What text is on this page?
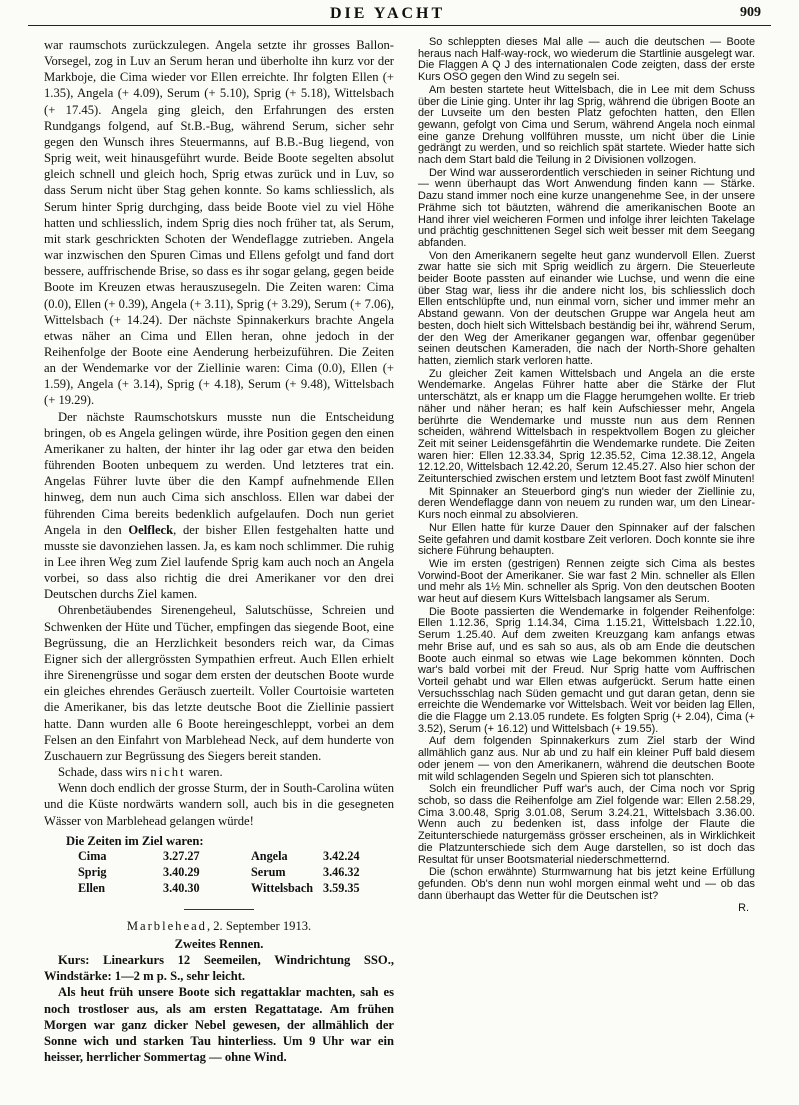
DIE YACHT	909

war raumschots zurückzulegen. Angela setzte ihr grosses Ballon-Vorsegel, zog in Luv an Serum heran und überholte ihn kurz vor der Markboje, die Cima wieder vor Ellen erreichte. Ihr folgten Ellen (+ 1.35), Angela (+ 4.09), Serum (+ 5.10), Sprig (+ 5.18), Wittelsbach (+ 17.45). Angela ging gleich, den Erfahrungen des ersten Rundgangs folgend, auf St.B.-Bug, während Serum, sicher sehr gegen den Wunsch ihres Steuermanns, auf B.B.-Bug liegend, von Sprig weit, weit hinausgeführt wurde. Beide Boote segelten absolut gleich schnell und gleich hoch, Sprig etwas zurück und in Luv, so dass Serum nicht über Stag gehen konnte. So kams schliesslich, als Serum hinter Sprig durchging, dass beide Boote viel zu viel Höhe hatten und schliesslich, indem Sprig dies noch früher tat, als Serum, mit stark geschrickten Schoten der Wendeflagge zutrieben. Angela war inzwischen den Spuren Cimas und Ellens gefolgt und fand dort bessere, auffrischende Brise, so dass es ihr sogar gelang, gegen beide Boote im Kreuzen etwas herauszusegeln. Die Zeiten waren: Cima (0.0), Ellen (+ 0.39), Angela (+ 3.11), Sprig (+ 3.29), Serum (+ 7.06), Wittelsbach (+ 14.24). Der nächste Spinnakerkurs brachte Angela etwas näher an Cima und Ellen heran, ohne jedoch in der Reihenfolge der Boote eine Aenderung herbeizuführen. Die Zeiten an der Wendemarke vor der Ziellinie waren: Cima (0.0), Ellen (+ 1.59), Angela (+ 3.14), Sprig (+ 4.18), Serum (+ 9.48), Wittelsbach (+ 19.29).

Der nächste Raumschotskurs musste nun die Entscheidung bringen, ob es Angela gelingen würde, ihre Position gegen den einen Amerikaner zu halten, der hinter ihr lag oder gar etwa den beiden führenden Booten unbequem zu werden. Und letzteres trat ein. Angelas Führer luvte über die den Kampf aufnehmende Ellen hinweg, dem nun auch Cima sich anschloss. Ellen war dabei der führenden Cima bereits bedenklich aufgelaufen. Doch nun geriet Angela in den Oelfleck, der bisher Ellen festgehalten hatte und musste sie davonziehen lassen. Ja, es kam noch schlimmer. Die ruhig in Lee ihren Weg zum Ziel laufende Sprig kam auch noch an Angela vorbei, so dass also richtig die drei Amerikaner vor den drei Deutschen durchs Ziel kamen.

Ohrenbetäubendes Sirenengeheul, Salutschüsse, Schreien und Schwenken der Hüte und Tücher, empfingen das siegende Boot, eine Begrüssung, die an Herzlichkeit besonders reich war, da Cimas Eigner sich der allergrössten Sympathien erfreut. Auch Ellen erhielt ihre Sirenengrüsse und sogar dem ersten der deutschen Boote wurde ein gleiches ehrendes Geräusch zuerteilt. Voller Courtoisie warteten die Amerikaner, bis das letzte deutsche Boot die Ziellinie passiert hatte. Dann wurden alle 6 Boote hereingeschleppt, vorbei an dem Felsen an den Einfahrt von Marblehead Neck, auf dem hunderte von Zuschauern zur Begrüssung des Siegers bereit standen.

Schade, dass wirs nicht waren.

Wenn doch endlich der grosse Sturm, der in South-Carolina wüten und die Küste nordwärts wandern soll, auch bis in die gesegneten Wässer von Marblehead gelangen würde!

Die Zeiten im Ziel waren:
Cima	3.27.27	Angela	3.42.24
Sprig	3.40.29	Serum	3.46.32
Ellen	3.40.30	Wittelsbach	3.59.35
Marblehead, 2. September 1913.
Zweites Rennen.

Kurs: Linearkurs 12 Seemeilen, Windrichtung SSO., Windstärke: 1—2 m p. S., sehr leicht.

Als heut früh unsere Boote sich regattaklar machten, sah es noch trostloser aus, als am ersten Regattatage. Am frühen Morgen war ganz dicker Nebel gewesen, der allmählich der Sonne wich und starken Tau hinterliess. Um 9 Uhr war ein heisser, herrlicher Sommertag — ohne Wind.

So schleppten dieses Mal alle — auch die deutschen — Boote heraus nach Half-way-rock, wo wiederum die Startlinie ausgelegt war. Die Flaggen A Q J des internationalen Code zeigten, dass der erste Kurs OSO gegen den Wind zu segeln sei.

Am besten startete heut Wittelsbach, die in Lee mit dem Schuss über die Linie ging. Unter ihr lag Sprig, während die übrigen Boote an der Luvseite um den besten Platz gefochten hatten, den Ellen gewann, gefolgt von Cima und Serum, während Angela noch einmal eine ganze Drehung vollführen musste, um nicht über die Linie gedrängt zu werden, und so reichlich spät startete. Wieder hatte sich nach dem Start bald die Teilung in 2 Divisionen vollzogen.

Der Wind war ausserordentlich verschieden in seiner Richtung und — wenn überhaupt das Wort Anwendung finden kann — Stärke. Dazu stand immer noch eine kurze unangenehme See, in der unsere Prähme sich tot bäutzten, während die amerikanischen Boote an Hand ihrer viel weicheren Formen und infolge ihrer leichten Takelage und prächtig geschnittenen Segel sich weit besser mit dem Seegang abfanden.

Von den Amerikanern segelte heut ganz wundervoll Ellen. Zuerst zwar hatte sie sich mit Sprig weidlich zu ärgern. Die Steuerleute beider Boote passten auf einander wie Luchse, und wenn die eine über Stag war, liess ihr die andere nicht los, bis schliesslich doch Ellen entschlüpfte und, nun einmal vorn, sicher und immer mehr an Abstand gewann. Von der deutschen Gruppe war Angela heut am besten, doch hielt sich Wittelsbach beständig bei ihr, während Serum, der den Weg der Amerikaner gegangen war, offenbar gegenüber seinen deutschen Kameraden, die nach der North-Shore gehalten hatten, ziemlich stark verloren hatte.

Zu gleicher Zeit kamen Wittelsbach und Angela an die erste Wendemarke. Angelas Führer hatte aber die Stärke der Flut unterschätzt, als er knapp um die Flagge herumgehen wollte. Er trieb näher und näher heran; es half kein Aufschiesser mehr, Angela berührte die Wendemarke und musste nun aus dem Rennen scheiden, während Wittelsbach in respektvollem Bogen zu gleicher Zeit mit seiner Leidensgefährtin die Wendemarke rundete. Die Zeiten waren hier: Ellen 12.33.34, Sprig 12.35.52, Cima 12.38.12, Angela 12.12.20, Wittelsbach 12.42.20, Serum 12.45.27. Also hier schon der Zeitunterschied zwischen erstem und letztem Boot fast zwölf Minuten!

Mit Spinnaker an Steuerbord ging's nun wieder der Ziellinie zu, deren Wendeflagge dann von neuem zu runden war, um den Linear-Kurs noch einmal zu absolvieren.

Nur Ellen hatte für kurze Dauer den Spinnaker auf der falschen Seite gefahren und damit kostbare Zeit verloren. Doch konnte sie ihre sichere Führung behaupten.

Wie im ersten (gestrigen) Rennen zeigte sich Cima als bestes Vorwind-Boot der Amerikaner. Sie war fast 2 Min. schneller als Ellen und mehr als 1½ Min. schneller als Sprig. Von den deutschen Booten war heut auf diesem Kurs Wittelsbach langsamer als Serum.

Die Boote passierten die Wendemarke in folgender Reihenfolge: Ellen 1.12.36, Sprig 1.14.34, Cima 1.15.21, Wittelsbach 1.22.10, Serum 1.25.40. Auf dem zweiten Kreuzgang kam anfangs etwas mehr Brise auf, und es sah so aus, als ob am Ende die deutschen Boote auch einmal so etwas wie Lage bekommen könnten. Doch war's bald vorbei mit der Freud. Nur Sprig hatte vom Auffrischen Vorteil gehabt und war Ellen etwas aufgerückt. Serum hatte einen Versuchsschlag nach Süden gemacht und gut daran getan, denn sie erreichte die Wendemarke vor Wittelsbach. Weit vor beiden lag Ellen, die die Flagge um 2.13.05 rundete. Es folgten Sprig (+ 2.04), Cima (+ 3.52), Serum (+ 16.12) und Wittelsbach (+ 19.55).

Auf dem folgenden Spinnakerkurs zum Ziel starb der Wind allmählich ganz aus. Nur ab und zu half ein kleiner Puff bald diesem oder jenem — von den Amerikanern, während die deutschen Boote mit wild schlagenden Segeln und Spieren sich tot planschten.

Solch ein freundlicher Puff war's auch, der Cima noch vor Sprig schob, so dass die Reihenfolge am Ziel folgende war: Ellen 2.58.29, Cima 3.00.48, Sprig 3.01.08, Serum 3.24.21, Wittelsbach 3.36.00. Wenn auch zu bedenken ist, dass infolge der Flaute die Zeitunterschiede naturgemäss grösser erscheinen, als in Wirklichkeit die Platzunterschiede sich dem Auge darstellen, so ist doch das Resultat für unser Bootsmaterial niederschmetternd.

Die (schon erwähnte) Sturmwarnung hat bis jetzt keine Erfüllung gefunden. Ob's denn nun wohl morgen einmal weht und — ob das dann überhaupt das Wetter für die Deutschen ist?

R.
